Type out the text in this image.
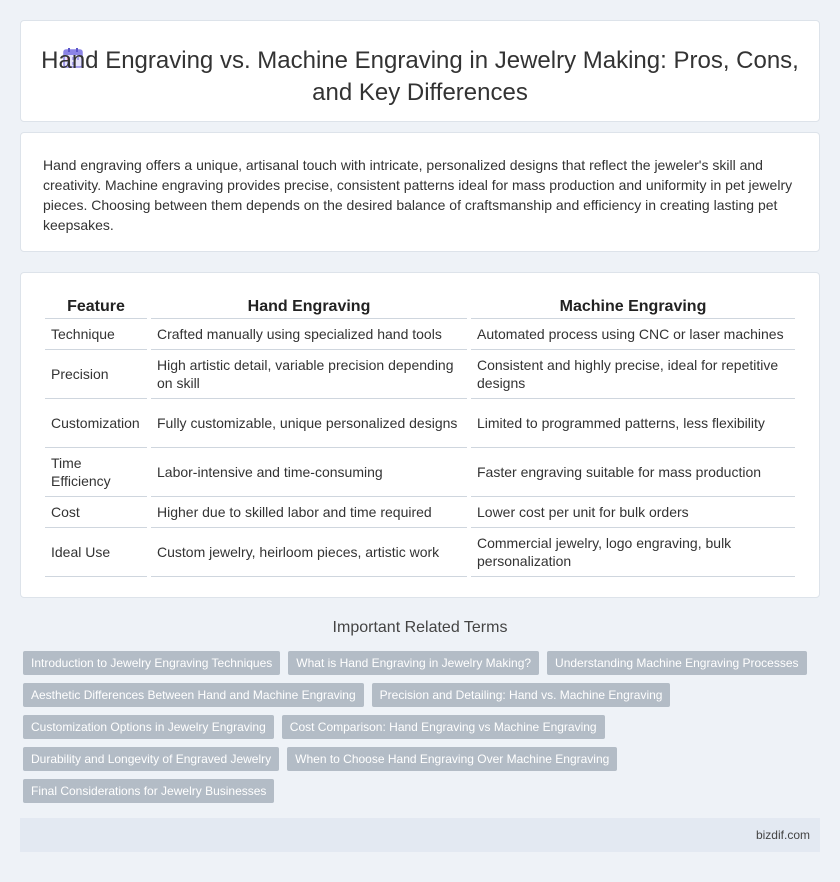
Hand Engraving vs. Machine Engraving in Jewelry Making: Pros, Cons, and Key Differences

Hand engraving offers a unique, artisanal touch with intricate, personalized designs that reflect the jeweler's skill and creativity. Machine engraving provides precise, consistent patterns ideal for mass production and uniformity in pet jewelry pieces. Choosing between them depends on the desired balance of craftsmanship and efficiency in creating lasting pet keepsakes.

Feature	Hand Engraving	Machine Engraving
Technique	Crafted manually using specialized hand tools	Automated process using CNC or laser machines
Precision	High artistic detail, variable precision depending on skill	Consistent and highly precise, ideal for repetitive designs
Customization	Fully customizable, unique personalized designs	Limited to programmed patterns, less flexibility
Time Efficiency	Labor-intensive and time-consuming	Faster engraving suitable for mass production
Cost	Higher due to skilled labor and time required	Lower cost per unit for bulk orders
Ideal Use	Custom jewelry, heirloom pieces, artistic work	Commercial jewelry, logo engraving, bulk personalization
Important Related Terms
Introduction to Jewelry Engraving Techniques	What is Hand Engraving in Jewelry Making?	Understanding Machine Engraving Processes
Aesthetic Differences Between Hand and Machine Engraving	Precision and Detailing: Hand vs. Machine Engraving
Customization Options in Jewelry Engraving	Cost Comparison: Hand Engraving vs Machine Engraving
Durability and Longevity of Engraved Jewelry	When to Choose Hand Engraving Over Machine Engraving
Final Considerations for Jewelry Businesses
bizdif.com
